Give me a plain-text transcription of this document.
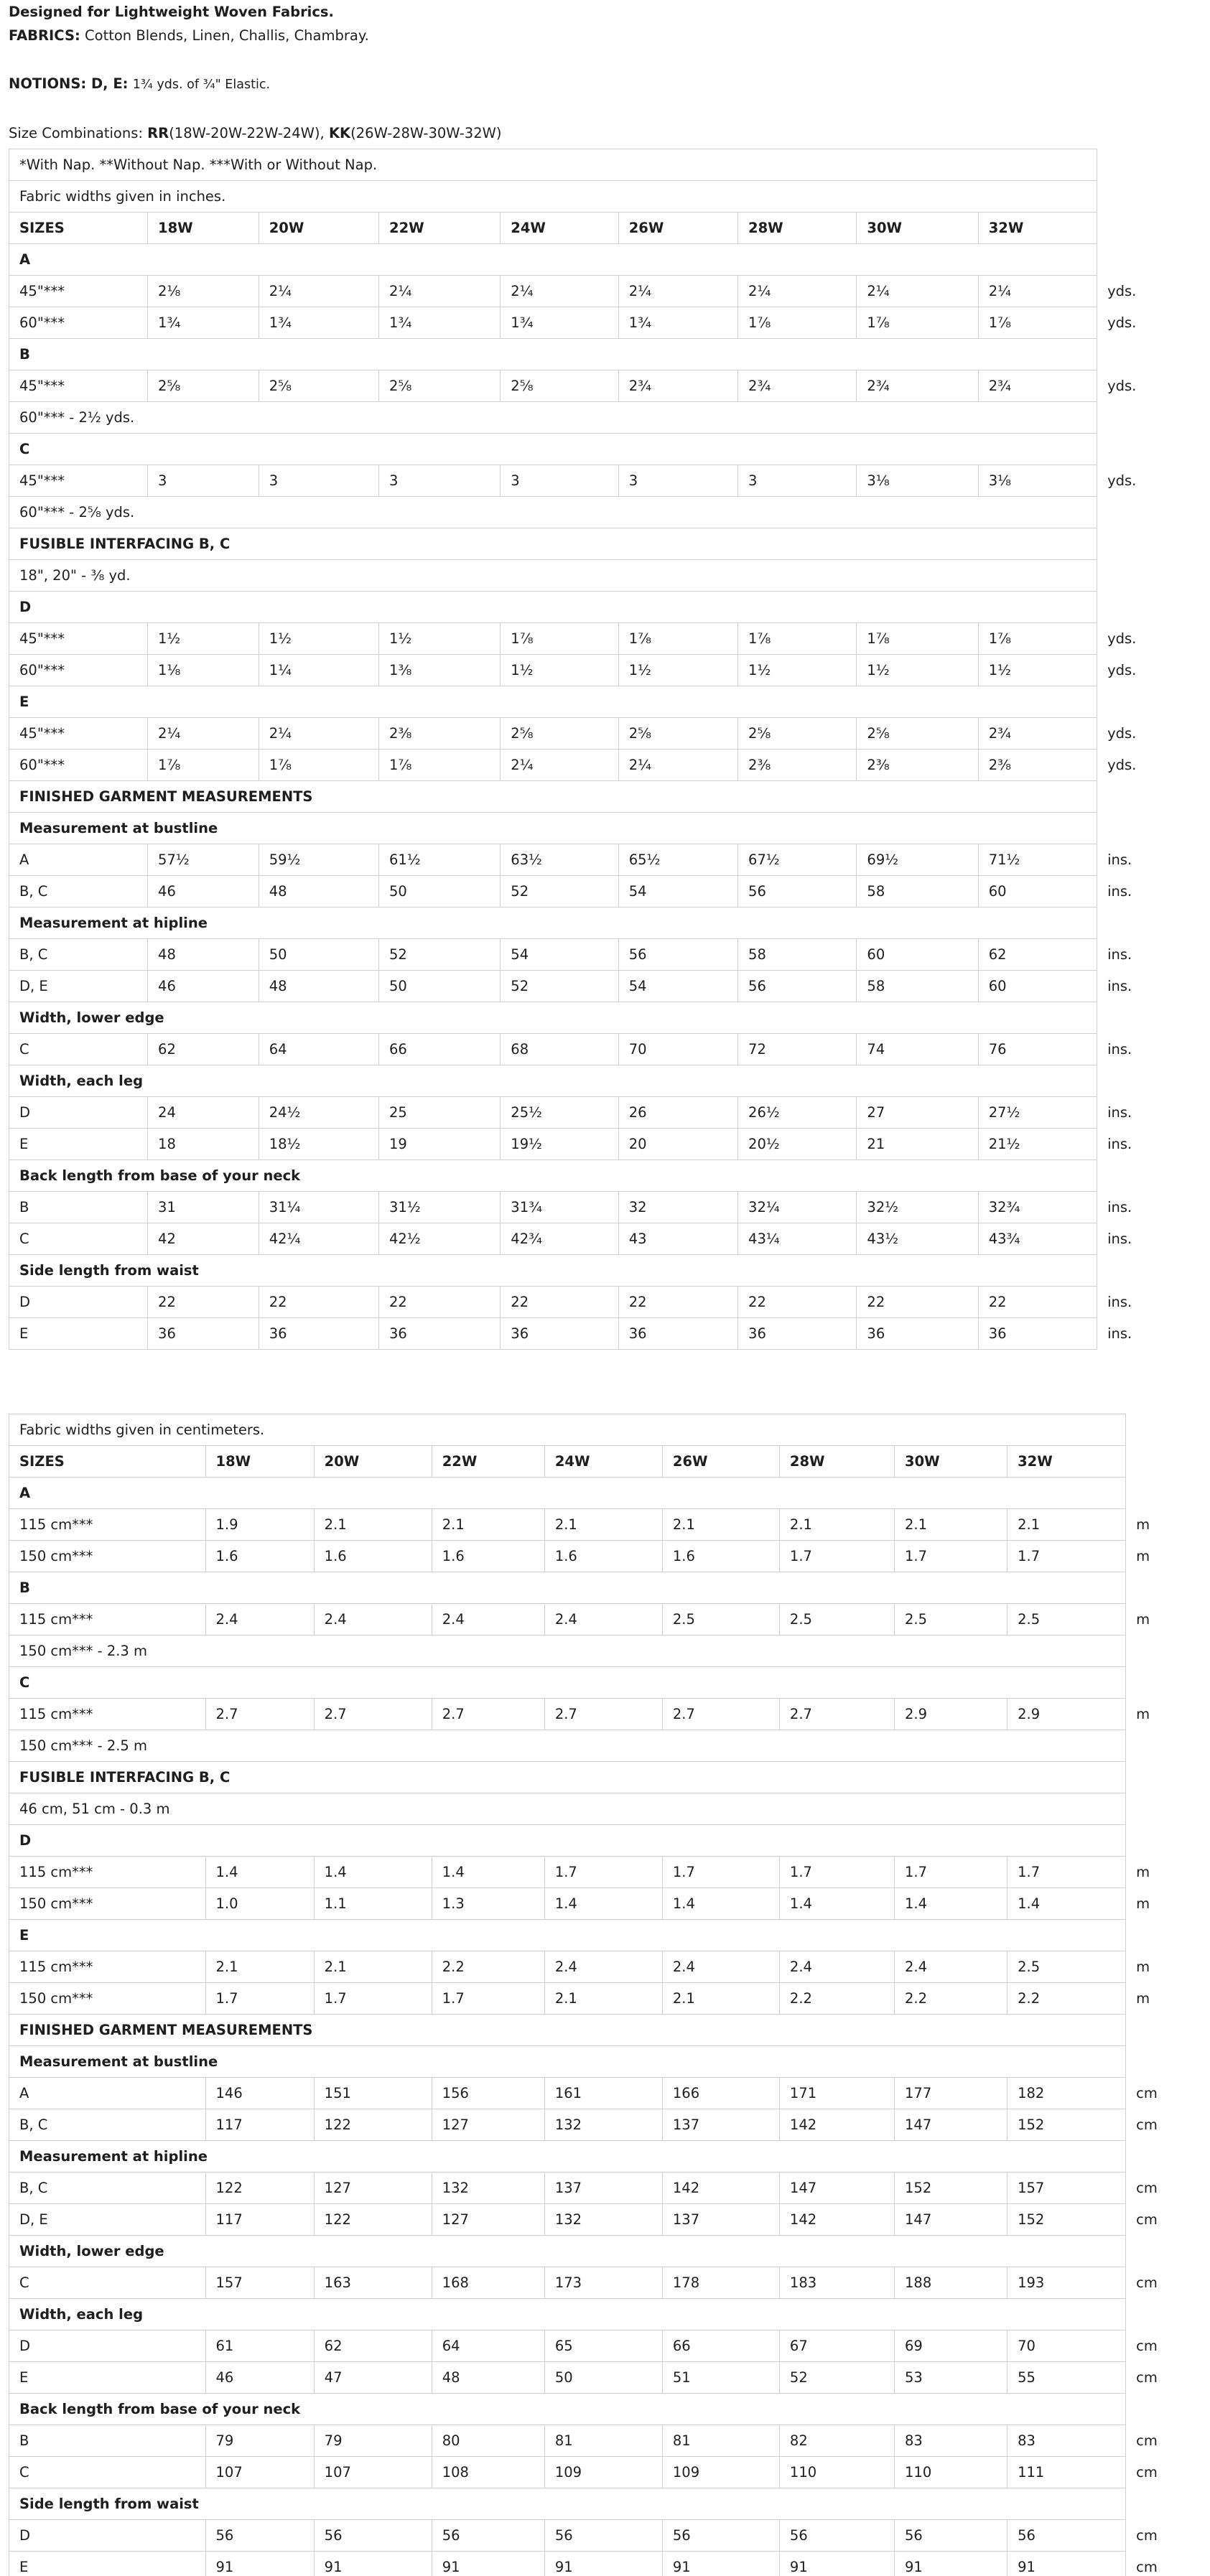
Designed for Lightweight Woven Fabrics.

FABRICS: Cotton Blends, Linen, Challis, Chambray.

NOTIONS: D, E: 1³⁄₄ yds. of ³⁄₄" Elastic.

Size Combinations: RR(18W-20W-22W-24W), KK(26W-28W-30W-32W)

*With Nap. **Without Nap. ***With or Without Nap.									
Fabric widths given in inches.									
SIZES	18W	20W	22W	24W	26W	28W	30W	32W	
A									
45"***	2¹⁄₈	2¹⁄₄	2¹⁄₄	2¹⁄₄	2¹⁄₄	2¹⁄₄	2¹⁄₄	2¹⁄₄	yds.
60"***	1³⁄₄	1³⁄₄	1³⁄₄	1³⁄₄	1³⁄₄	1⁷⁄₈	1⁷⁄₈	1⁷⁄₈	yds.
B									
45"***	2⁵⁄₈	2⁵⁄₈	2⁵⁄₈	2⁵⁄₈	2³⁄₄	2³⁄₄	2³⁄₄	2³⁄₄	yds.
60"*** - 2¹⁄₂ yds.									
C									
45"***	3	3	3	3	3	3	3¹⁄₈	3¹⁄₈	yds.
60"*** - 2⁵⁄₈ yds.									
FUSIBLE INTERFACING B, C									
18", 20" - ³⁄₈ yd.									
D									
45"***	1¹⁄₂	1¹⁄₂	1¹⁄₂	1⁷⁄₈	1⁷⁄₈	1⁷⁄₈	1⁷⁄₈	1⁷⁄₈	yds.
60"***	1¹⁄₈	1¹⁄₄	1³⁄₈	1¹⁄₂	1¹⁄₂	1¹⁄₂	1¹⁄₂	1¹⁄₂	yds.
E									
45"***	2¹⁄₄	2¹⁄₄	2³⁄₈	2⁵⁄₈	2⁵⁄₈	2⁵⁄₈	2⁵⁄₈	2³⁄₄	yds.
60"***	1⁷⁄₈	1⁷⁄₈	1⁷⁄₈	2¹⁄₄	2¹⁄₄	2³⁄₈	2³⁄₈	2³⁄₈	yds.
FINISHED GARMENT MEASUREMENTS									
Measurement at bustline									
A	57¹⁄₂	59¹⁄₂	61¹⁄₂	63¹⁄₂	65¹⁄₂	67¹⁄₂	69¹⁄₂	71¹⁄₂	ins.
B, C	46	48	50	52	54	56	58	60	ins.
Measurement at hipline									
B, C	48	50	52	54	56	58	60	62	ins.
D, E	46	48	50	52	54	56	58	60	ins.
Width, lower edge									
C	62	64	66	68	70	72	74	76	ins.
Width, each leg									
D	24	24¹⁄₂	25	25¹⁄₂	26	26¹⁄₂	27	27¹⁄₂	ins.
E	18	18¹⁄₂	19	19¹⁄₂	20	20¹⁄₂	21	21¹⁄₂	ins.
Back length from base of your neck									
B	31	31¹⁄₄	31¹⁄₂	31³⁄₄	32	32¹⁄₄	32¹⁄₂	32³⁄₄	ins.
C	42	42¹⁄₄	42¹⁄₂	42³⁄₄	43	43¹⁄₄	43¹⁄₂	43³⁄₄	ins.
Side length from waist									
D	22	22	22	22	22	22	22	22	ins.
E	36	36	36	36	36	36	36	36	ins.
Fabric widths given in centimeters.									
SIZES	18W	20W	22W	24W	26W	28W	30W	32W	
A									
115 cm***	1.9	2.1	2.1	2.1	2.1	2.1	2.1	2.1	m
150 cm***	1.6	1.6	1.6	1.6	1.6	1.7	1.7	1.7	m
B									
115 cm***	2.4	2.4	2.4	2.4	2.5	2.5	2.5	2.5	m
150 cm*** - 2.3 m									
C									
115 cm***	2.7	2.7	2.7	2.7	2.7	2.7	2.9	2.9	m
150 cm*** - 2.5 m									
FUSIBLE INTERFACING B, C									
46 cm, 51 cm - 0.3 m									
D									
115 cm***	1.4	1.4	1.4	1.7	1.7	1.7	1.7	1.7	m
150 cm***	1.0	1.1	1.3	1.4	1.4	1.4	1.4	1.4	m
E									
115 cm***	2.1	2.1	2.2	2.4	2.4	2.4	2.4	2.5	m
150 cm***	1.7	1.7	1.7	2.1	2.1	2.2	2.2	2.2	m
FINISHED GARMENT MEASUREMENTS									
Measurement at bustline									
A	146	151	156	161	166	171	177	182	cm
B, C	117	122	127	132	137	142	147	152	cm
Measurement at hipline									
B, C	122	127	132	137	142	147	152	157	cm
D, E	117	122	127	132	137	142	147	152	cm
Width, lower edge									
C	157	163	168	173	178	183	188	193	cm
Width, each leg									
D	61	62	64	65	66	67	69	70	cm
E	46	47	48	50	51	52	53	55	cm
Back length from base of your neck									
B	79	79	80	81	81	82	83	83	cm
C	107	107	108	109	109	110	110	111	cm
Side length from waist									
D	56	56	56	56	56	56	56	56	cm
E	91	91	91	91	91	91	91	91	cm
